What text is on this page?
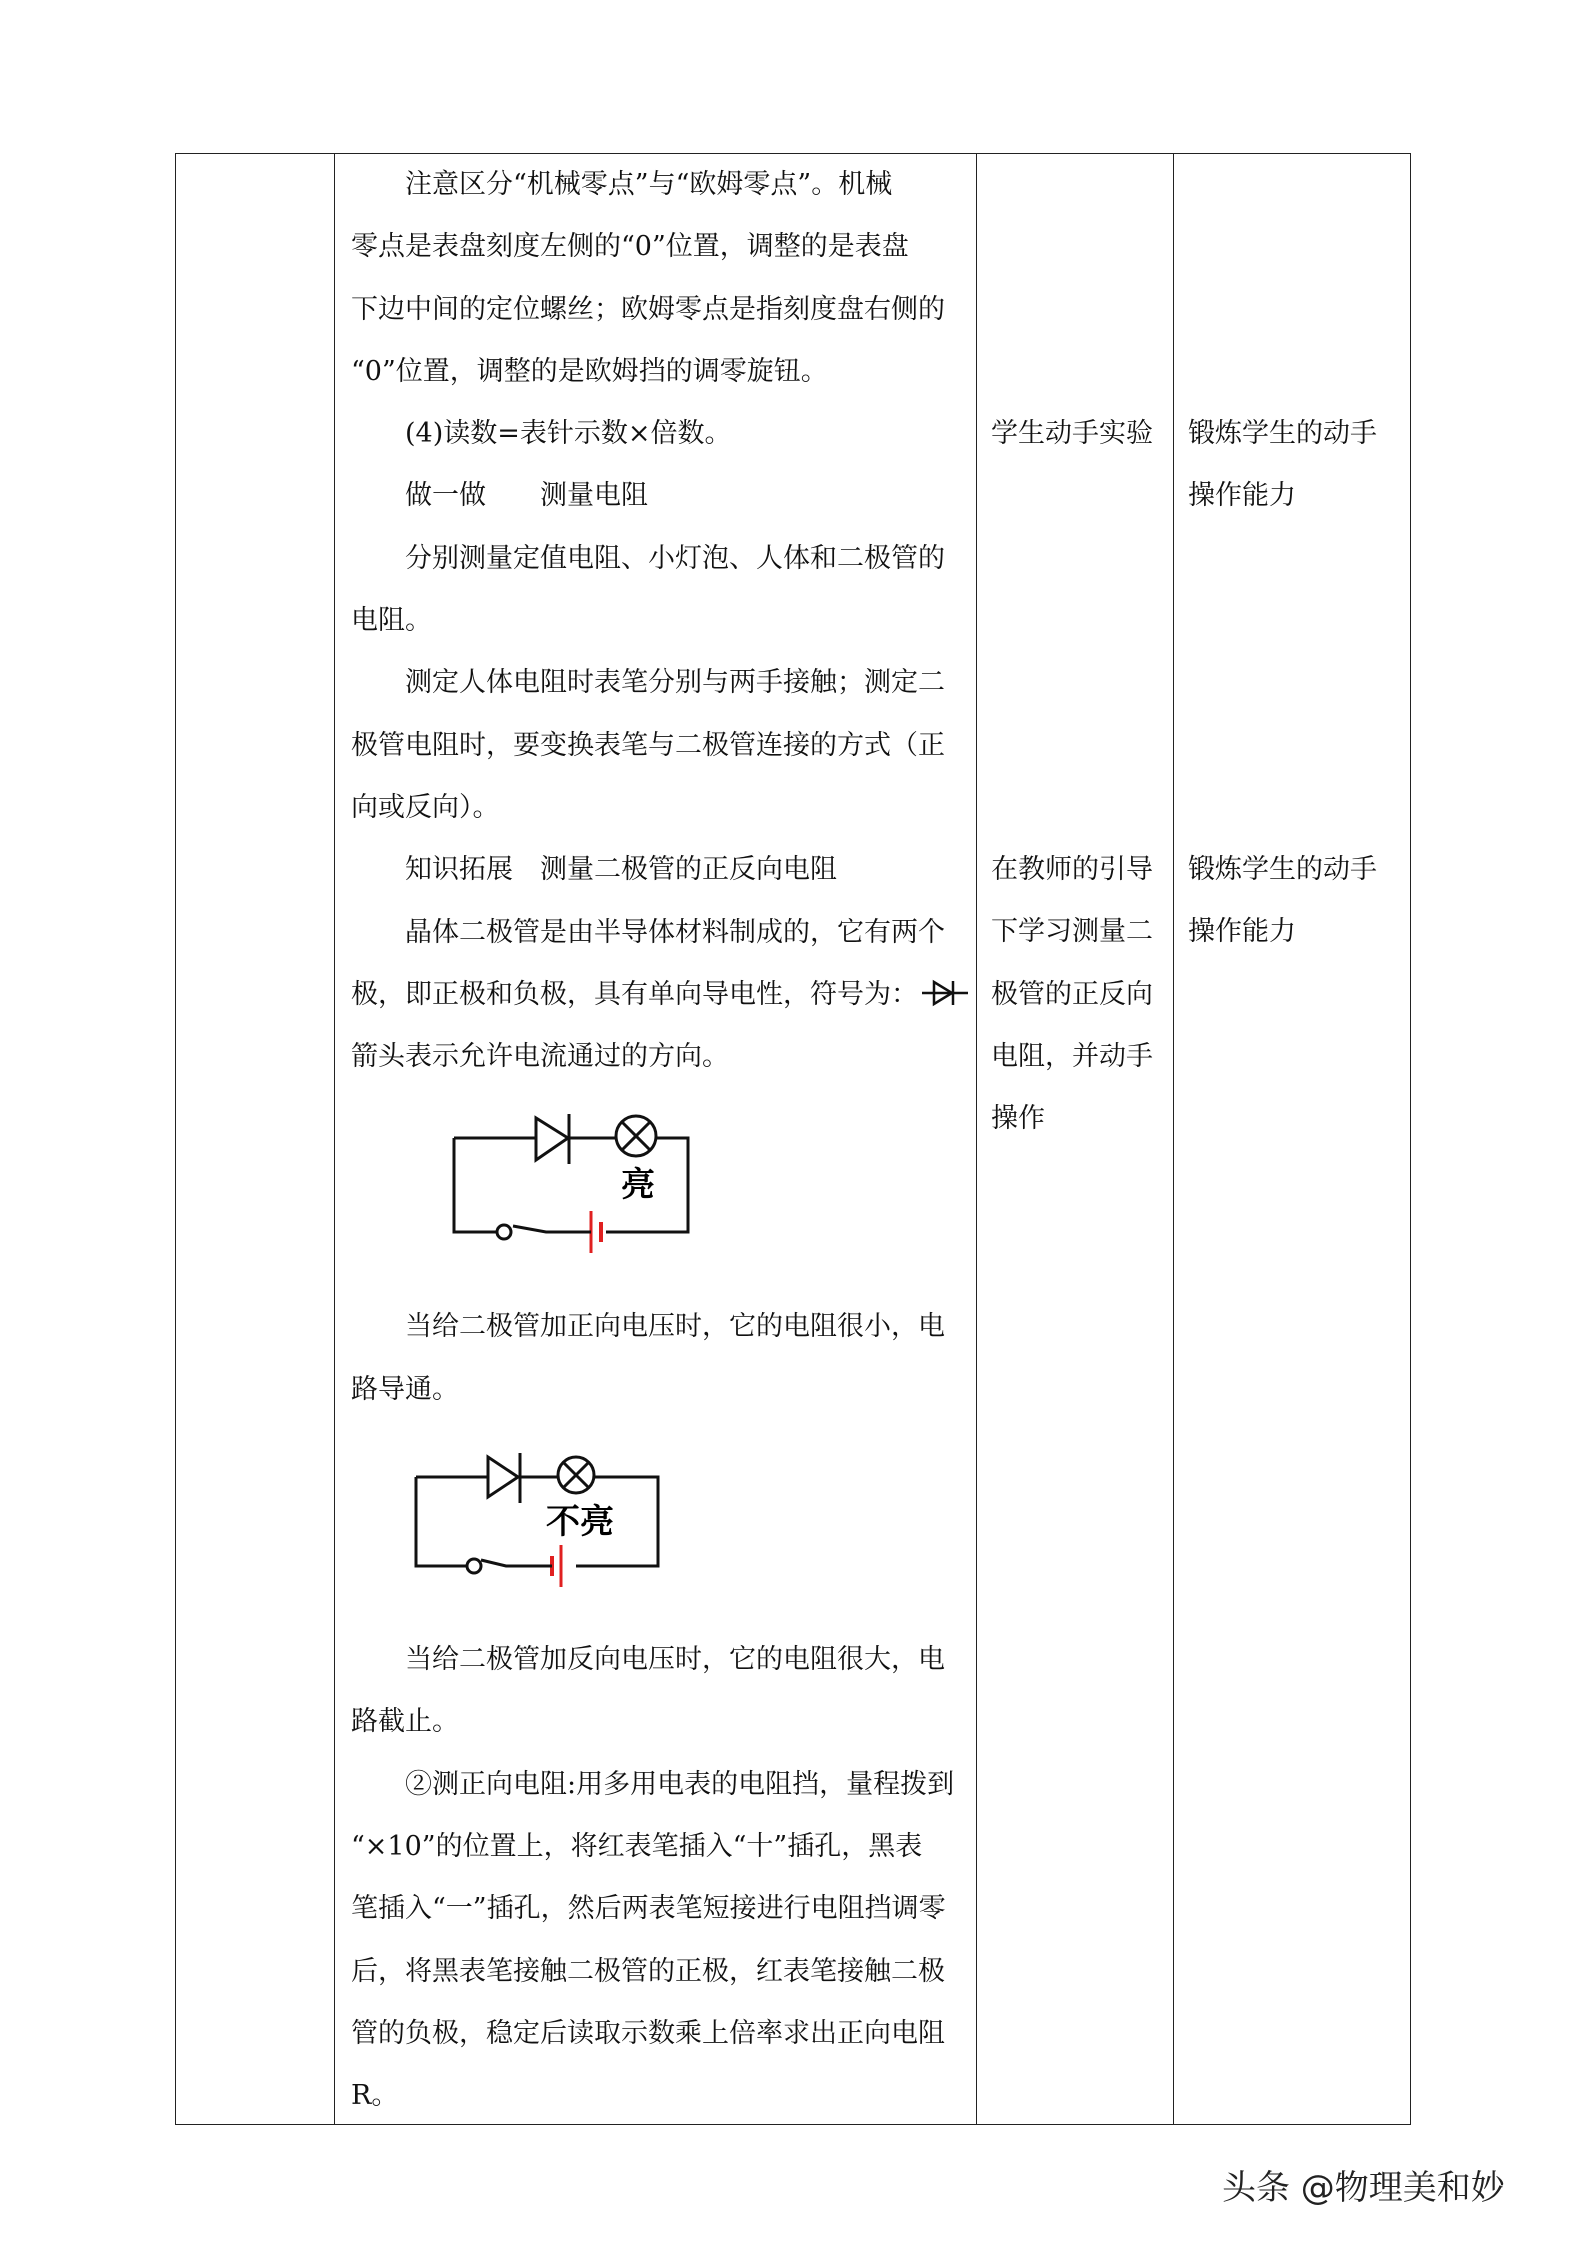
注意区分“机械零点”与“欧姆零点”。机械
零点是表盘刻度左侧的“0”位置，调整的是表盘
下边中间的定位螺丝；欧姆零点是指刻度盘右侧的
“0”位置，调整的是欧姆挡的调零旋钮。
(4)读数=表针示数×倍数。
做一做　　测量电阻
分别测量定值电阻、小灯泡、人体和二极管的
电阻。
测定人体电阻时表笔分别与两手接触；测定二
极管电阻时，要变换表笔与二极管连接的方式（正
向或反向）。
知识拓展　测量二极管的正反向电阻
晶体二极管是由半导体材料制成的，它有两个
极，即正极和负极，具有单向导电性，符号为：
箭头表示允许电流通过的方向。
亮
当给二极管加正向电压时，它的电阻很小，电
路导通。
不亮
当给二极管加反向电压时，它的电阻很大，电
路截止。
②测正向电阻:用多用电表的电阻挡，量程拨到
“×10”的位置上，将红表笔插入“十”插孔，黑表
笔插入“一”插孔，然后两表笔短接进行电阻挡调零
后，将黑表笔接触二极管的正极，红表笔接触二极
管的负极，稳定后读取示数乘上倍率求出正向电阻
R。
学生动手实验
在教师的引导
下学习测量二
极管的正反向
电阻，并动手
操作
锻炼学生的动手
操作能力
锻炼学生的动手
操作能力
头条 @物理美和妙
